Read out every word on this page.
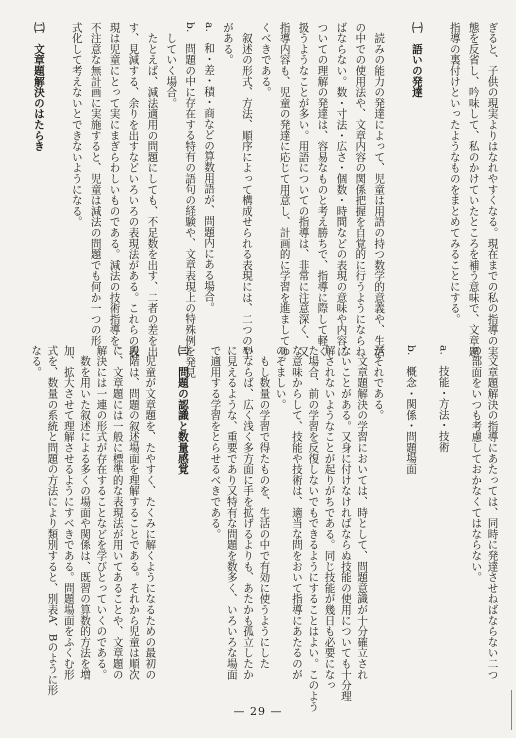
ぎると、子供の現実よりはなれやすくなる。現在までの私の指導の実
態を反省し、吟味して、私のかけていたところを補う意味で、文章題
指導の裏付けといったようなものをまとめてみることにする。
㈠　語いの発達
　読みの能力の発達によって、児童は用語の持つ数学的意義や、生活
の中での使用法や、文章内容の関係把握を自覚的に行うようにならね
ばならない。数・寸法・広さ・個数・時間などの表現の意味や内容に
ついての理解の発達は、容易なものと考え勝ちで、指導に際して軽く
扱うようなことが多い。用語についての指導は、非常に注意深く、又
指導内容も、児童の発達に応じて用意し、計画的に学習を進ましてゆ
くべきである。
　叙述の形式、方法、順序によって構成せられる表現には、二つの型
がある。
a.　和・差・積・商などの算数用語が、問題内にある場合。
b.　問題の中に存在する特有の語句の経験や、文章表現上の特殊例を発見
　していく場合。
　たとえば、減法適用の問題にしても、不足数を出す、二者の差を出
す、見減する、余りを出すなどいろいろの表現法がある。これらの表
現は児童にとって実にまぎらわしいものである。減法の技術指導を、
不注意な無計画に実施すると、児童は減法の問題でも何か一つの形
式化して考えないとできないようになる。
㈡　文章題解決のはたらき
　文章題解決の指導にあたっては、同時に発達させねばならない二つ
の部面をいつも考慮しておかなくてはならない。
a.　技能・方法・技術
b.　概念・関係・問題場面
がそれである。
　文章題解決の学習においては、時として、問題意識が十分確立され
ないことがある。又身に付けなければならぬ技能の使用についても十分理
解されないようなことが起りがちである。同じ技能が幾日も必要になっ
た場合、前の学習を反復しないでもできるようにすることはよい。このよう
な意味からして、技能や技術は、適当な問をおいて指導にあたるのが
のぞましい。
　もし数量の学習で得たものを、生活の中で有効に使うようにした
いならば、広く浅く多方面に手を拡げるよりも、あたかも孤立したか
に見えるような、重要であり又特有な問題を数多く、いろいろな場面
で適用する学習をとらせるべきである。
㈢　問題の認識と数量感覚
　児童が文章題を、たやすく、たくみに解くようになるための最初の
段階は、問題の叙述場面を理解することである。それから児童は順次
に、文章題には一般に標準的な表現法が用いてあることや、文章題の
解決には一連の形式が存在することなどを学びとっていくのである。
　数を用いた叙述による多くの場面や関係は、既習の算数的方法を増
加、拡大させて理解させるようにすべきである。問題場面をふくむ形
式を、数量の系統と問題の方法により類別すると、別表A、Bのように形
なる。
— 29 —
